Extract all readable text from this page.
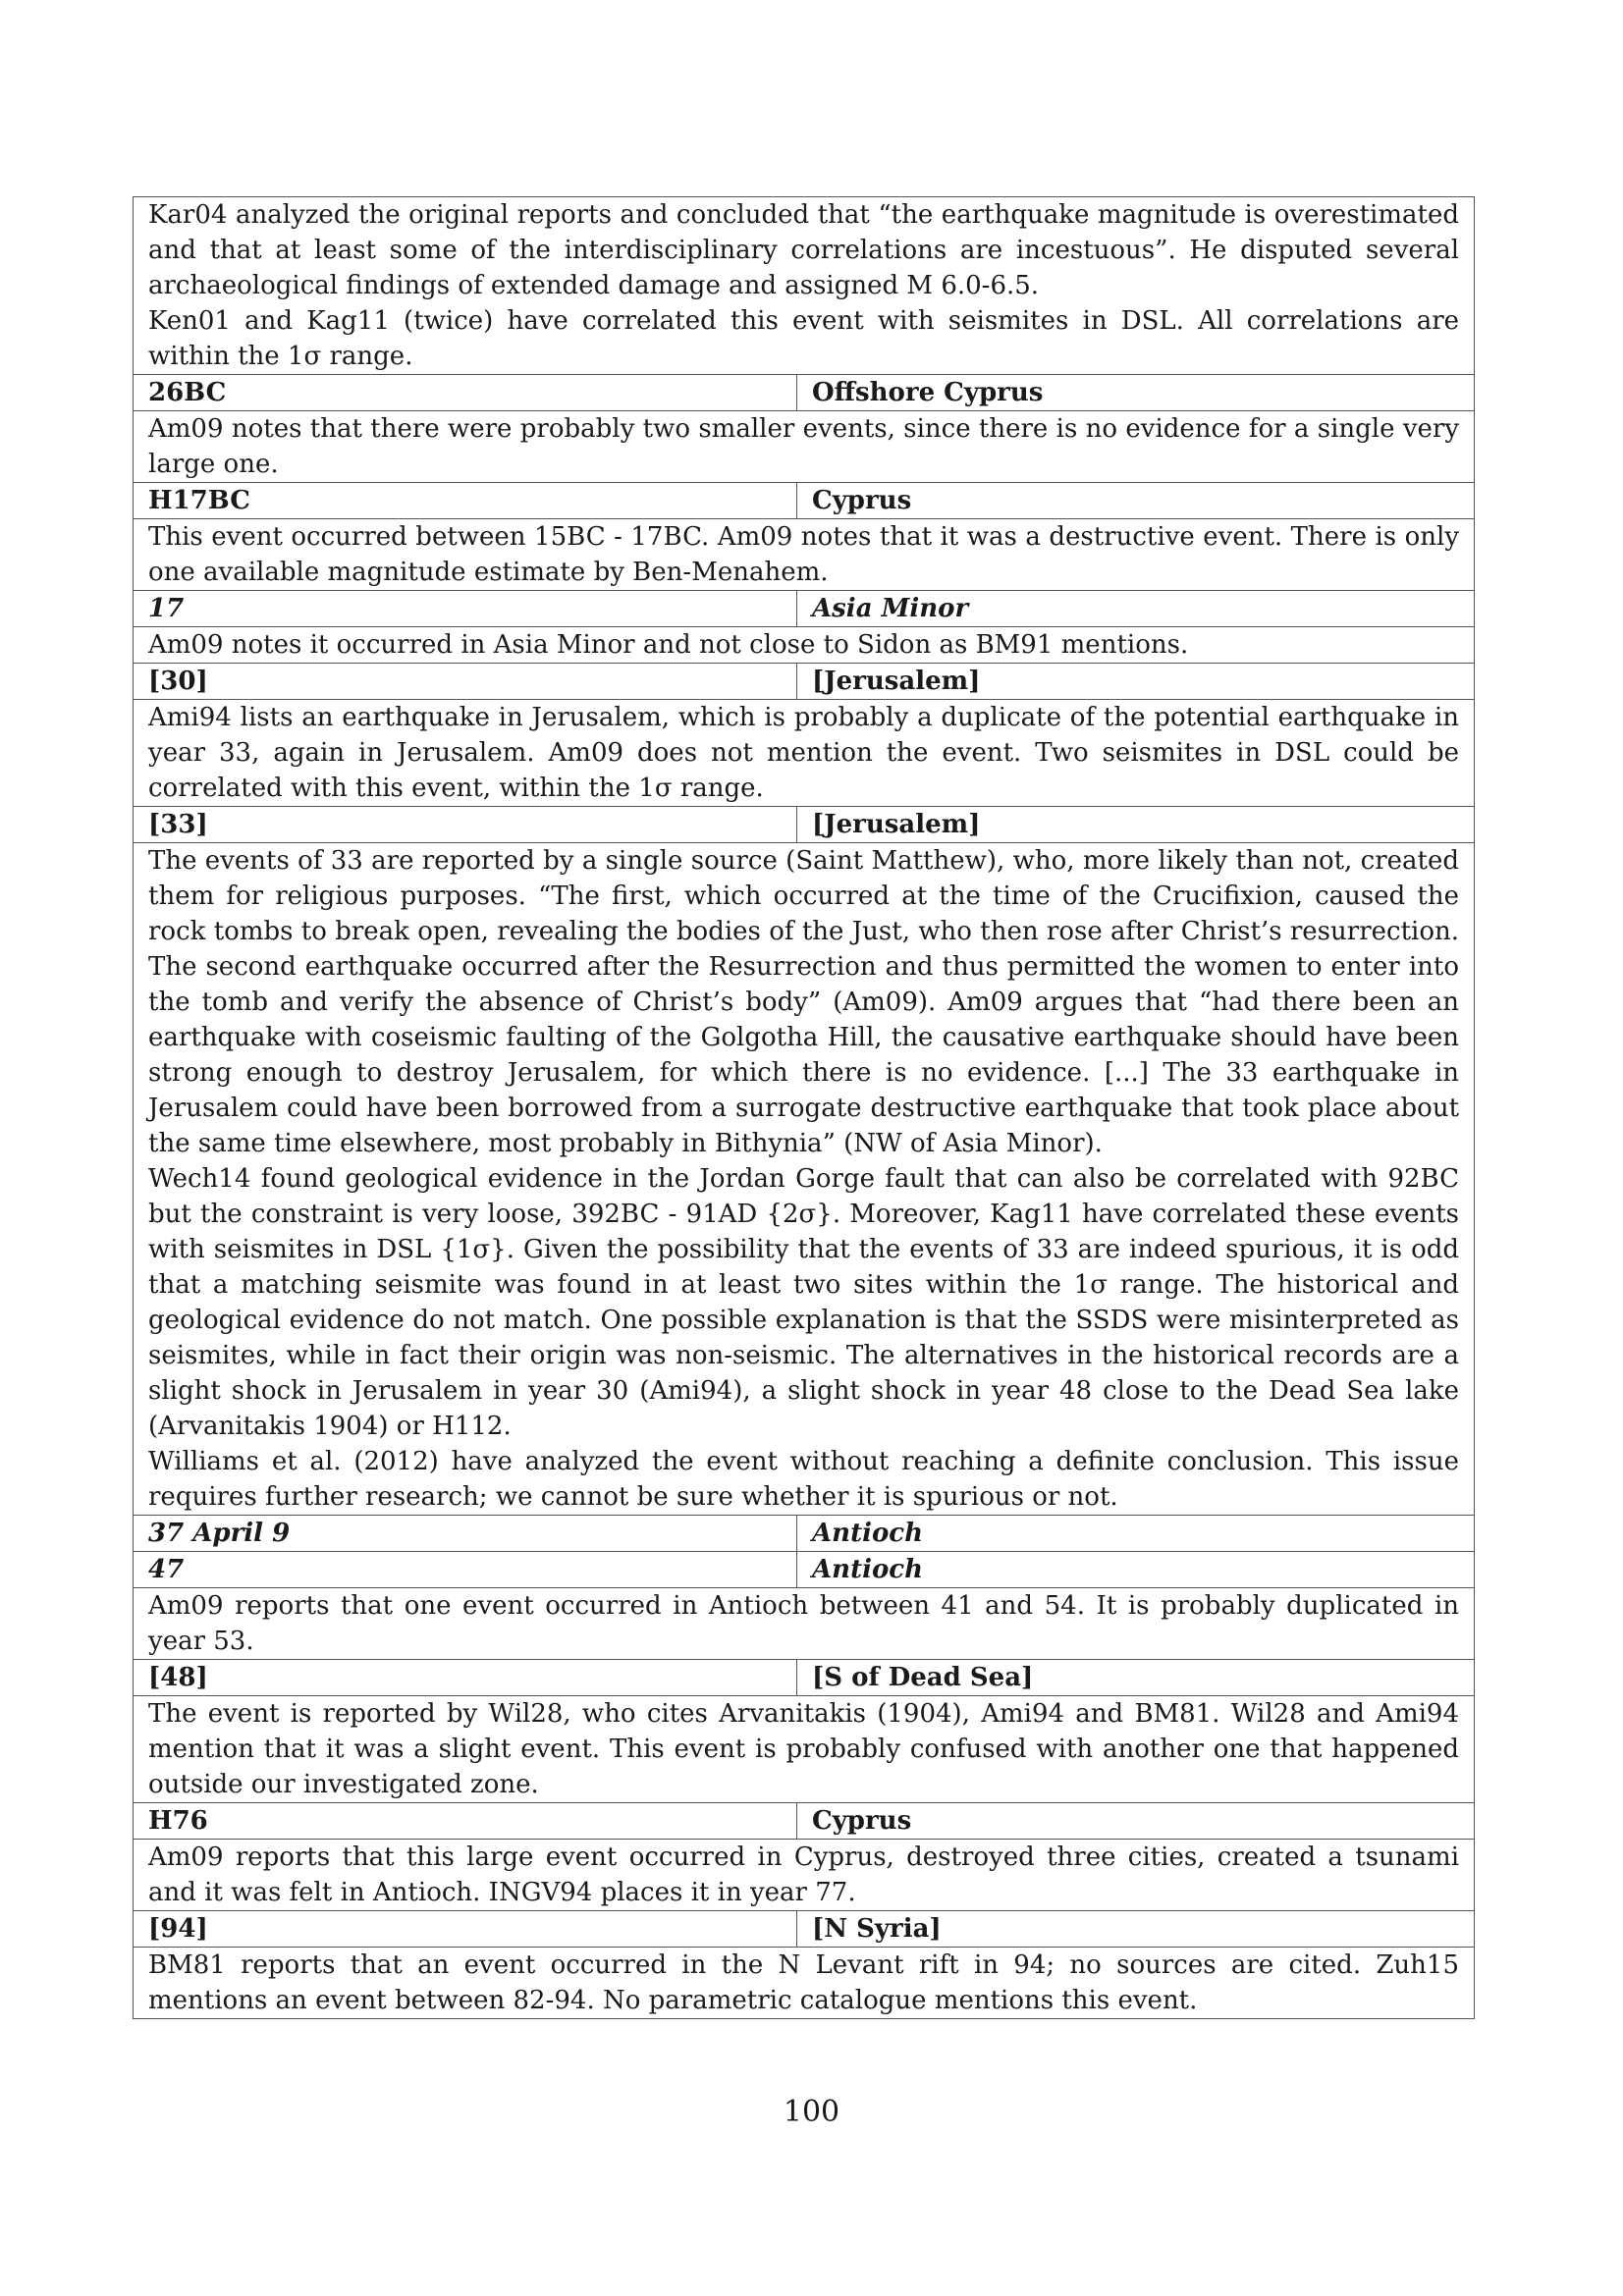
Kar04 analyzed the original reports and concluded that “the earthquake magnitude is overestimated and that at least some of the interdisciplinary correlations are incestuous”. He disputed several archaeological findings of extended damage and assigned M 6.0-6.5.

Ken01 and Kag11 (twice) have correlated this event with seismites in DSL. All correlations are within the 1σ range.	

26BC	Offshore Cyprus

Am09 notes that there were probably two smaller events, since there is no evidence for a single very large one.	

H17BC	Cyprus

This event occurred between 15BC - 17BC. Am09 notes that it was a destructive event. There is only one available magnitude estimate by Ben-Menahem.	

17	Asia Minor

Am09 notes it occurred in Asia Minor and not close to Sidon as BM91 mentions.	

[30]	[Jerusalem]

Ami94 lists an earthquake in Jerusalem, which is probably a duplicate of the potential earthquake in year 33, again in Jerusalem. Am09 does not mention the event. Two seismites in DSL could be correlated with this event, within the 1σ range.	

[33]	[Jerusalem]

The events of 33 are reported by a single source (Saint Matthew), who, more likely than not, created them for religious purposes. “The first, which occurred at the time of the Crucifixion, caused the rock tombs to break open, revealing the bodies of the Just, who then rose after Christ’s resurrection. The second earthquake occurred after the Resurrection and thus permitted the women to enter into the tomb and verify the absence of Christ’s body” (Am09). Am09 argues that “had there been an earthquake with coseismic faulting of the Golgotha Hill, the causative earthquake should have been strong enough to destroy Jerusalem, for which there is no evidence. [...] The 33 earthquake in Jerusalem could have been borrowed from a surrogate destructive earthquake that took place about the same time elsewhere, most probably in Bithynia” (NW of Asia Minor).

Wech14 found geological evidence in the Jordan Gorge fault that can also be correlated with 92BC but the constraint is very loose, 392BC - 91AD {2σ}. Moreover, Kag11 have correlated these events with seismites in DSL {1σ}. Given the possibility that the events of 33 are indeed spurious, it is odd that a matching seismite was found in at least two sites within the 1σ range. The historical and geological evidence do not match. One possible explanation is that the SSDS were misinterpreted as seismites, while in fact their origin was non-seismic. The alternatives in the historical records are a slight shock in Jerusalem in year 30 (Ami94), a slight shock in year 48 close to the Dead Sea lake (Arvanitakis 1904) or H112.

Williams et al. (2012) have analyzed the event without reaching a definite conclusion. This issue requires further research; we cannot be sure whether it is spurious or not.	

37 April 9	Antioch
47	Antioch

Am09 reports that one event occurred in Antioch between 41 and 54. It is probably duplicated in year 53.	

[48]	[S of Dead Sea]

The event is reported by Wil28, who cites Arvanitakis (1904), Ami94 and BM81. Wil28 and Ami94 mention that it was a slight event. This event is probably confused with another one that happened outside our investigated zone.	

H76	Cyprus

Am09 reports that this large event occurred in Cyprus, destroyed three cities, created a tsunami and it was felt in Antioch. INGV94 places it in year 77.	

[94]	[N Syria]

BM81 reports that an event occurred in the N Levant rift in 94; no sources are cited. Zuh15 mentions an event between 82-94. No parametric catalogue mentions this event.	

100
